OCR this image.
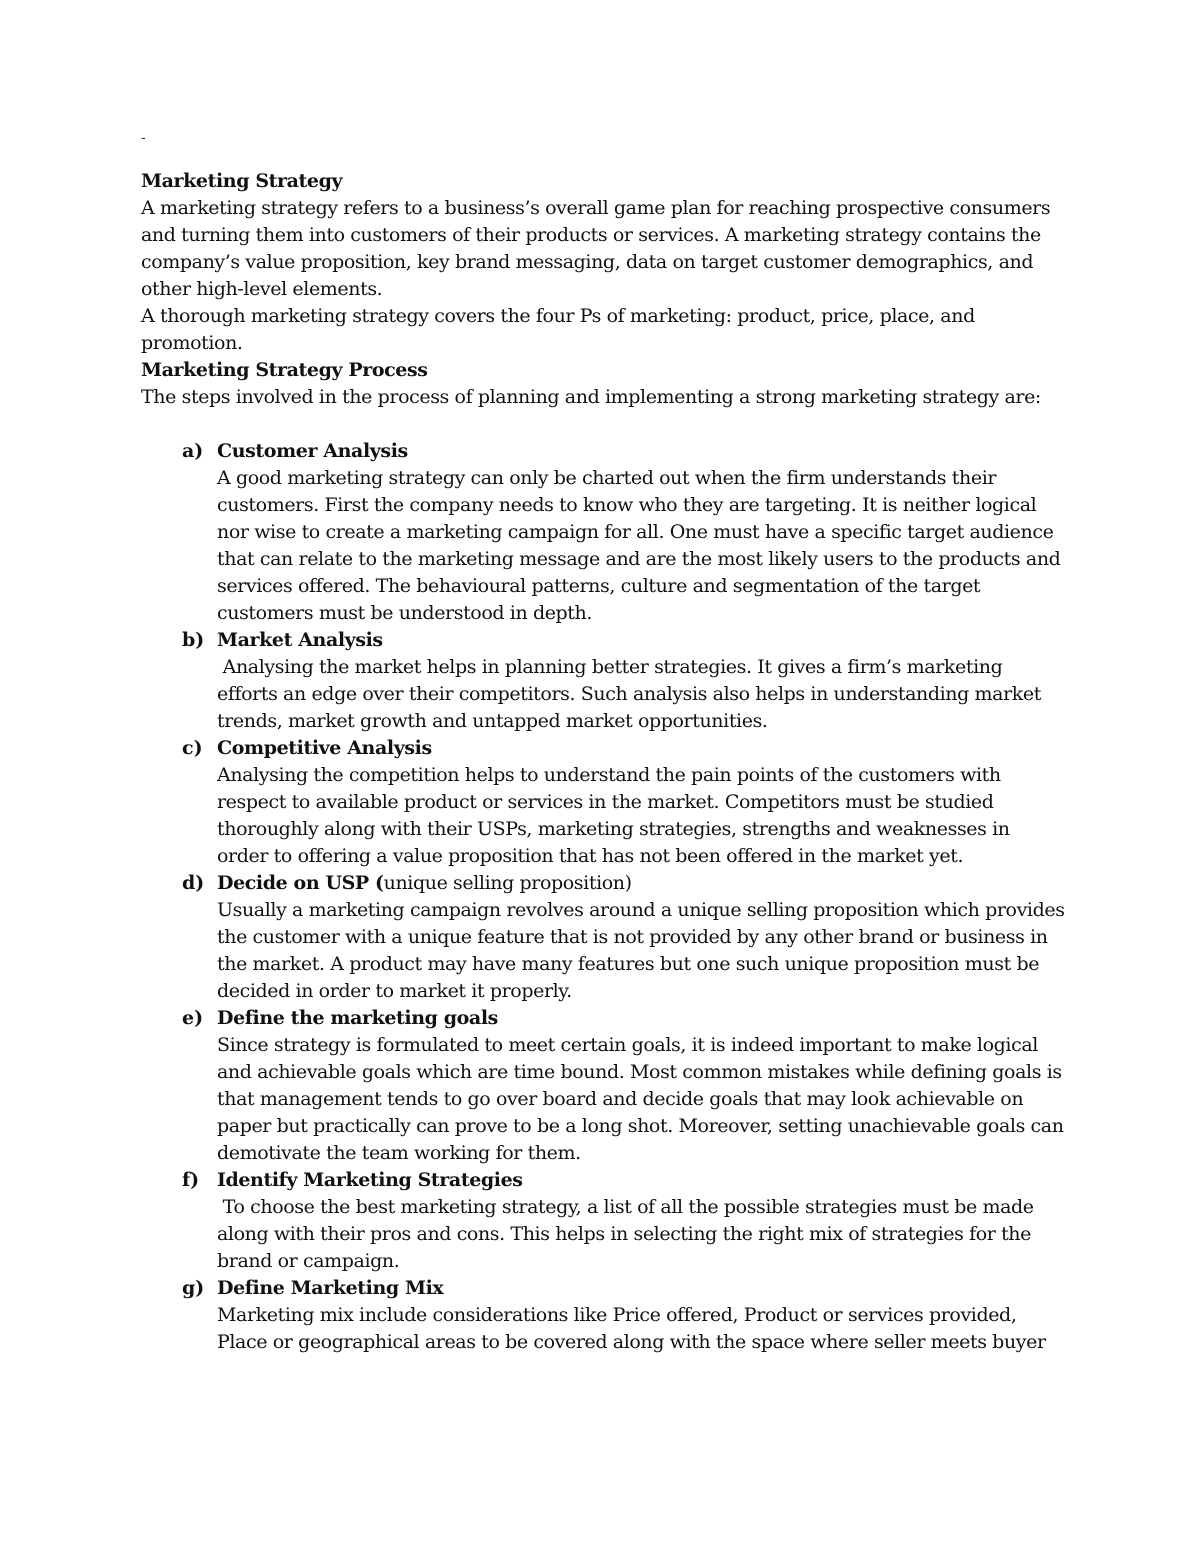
-
Marketing Strategy
A marketing strategy refers to a business’s overall game plan for reaching prospective consumers and turning them into customers of their products or services. A marketing strategy contains the company’s value proposition, key brand messaging, data on target customer demographics, and other high-level elements.
A thorough marketing strategy covers the four Ps of marketing: product, price, place, and promotion.
Marketing Strategy Process
The steps involved in the process of planning and implementing a strong marketing strategy are:
a) Customer Analysis
A good marketing strategy can only be charted out when the firm understands their customers. First the company needs to know who they are targeting. It is neither logical nor wise to create a marketing campaign for all. One must have a specific target audience that can relate to the marketing message and are the most likely users to the products and services offered. The behavioural patterns, culture and segmentation of the target customers must be understood in depth.
b) Market Analysis
Analysing the market helps in planning better strategies. It gives a firm’s marketing efforts an edge over their competitors. Such analysis also helps in understanding market trends, market growth and untapped market opportunities.
c) Competitive Analysis
Analysing the competition helps to understand the pain points of the customers with respect to available product or services in the market. Competitors must be studied thoroughly along with their USPs, marketing strategies, strengths and weaknesses in order to offering a value proposition that has not been offered in the market yet.
d) Decide on USP (unique selling proposition)
Usually a marketing campaign revolves around a unique selling proposition which provides the customer with a unique feature that is not provided by any other brand or business in the market. A product may have many features but one such unique proposition must be decided in order to market it properly.
e) Define the marketing goals
Since strategy is formulated to meet certain goals, it is indeed important to make logical and achievable goals which are time bound. Most common mistakes while defining goals is that management tends to go over board and decide goals that may look achievable on paper but practically can prove to be a long shot. Moreover, setting unachievable goals can demotivate the team working for them.
f) Identify Marketing Strategies
To choose the best marketing strategy, a list of all the possible strategies must be made along with their pros and cons. This helps in selecting the right mix of strategies for the brand or campaign.
g) Define Marketing Mix
Marketing mix include considerations like Price offered, Product or services provided, Place or geographical areas to be covered along with the space where seller meets buyer
